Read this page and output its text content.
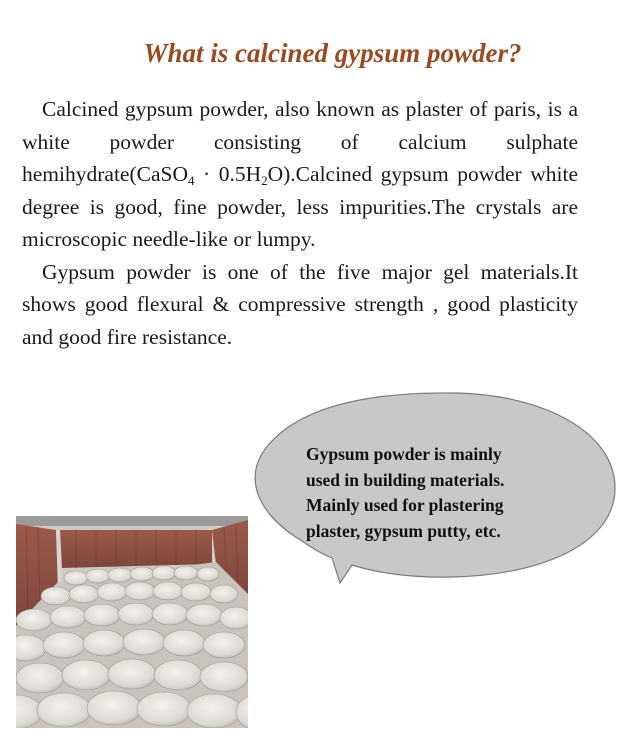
What is calcined gypsum powder?

Calcined gypsum powder, also known as plaster of paris, is a white powder consisting of calcium sulphate hemihydrate(CaSO$_4$ · $0.5H_2O).Calcined$ gypsum powder white degree is good, fine powder, less impurities.The crystals are microscopic needle-like or lumpy.

Gypsum powder is one of the five major gel materials.It shows good flexural & compressive strength , good plasticity and good fire resistance.

Gypsum powder is mainly
used in building materials.
Mainly used for plastering
plaster, gypsum putty, etc.
